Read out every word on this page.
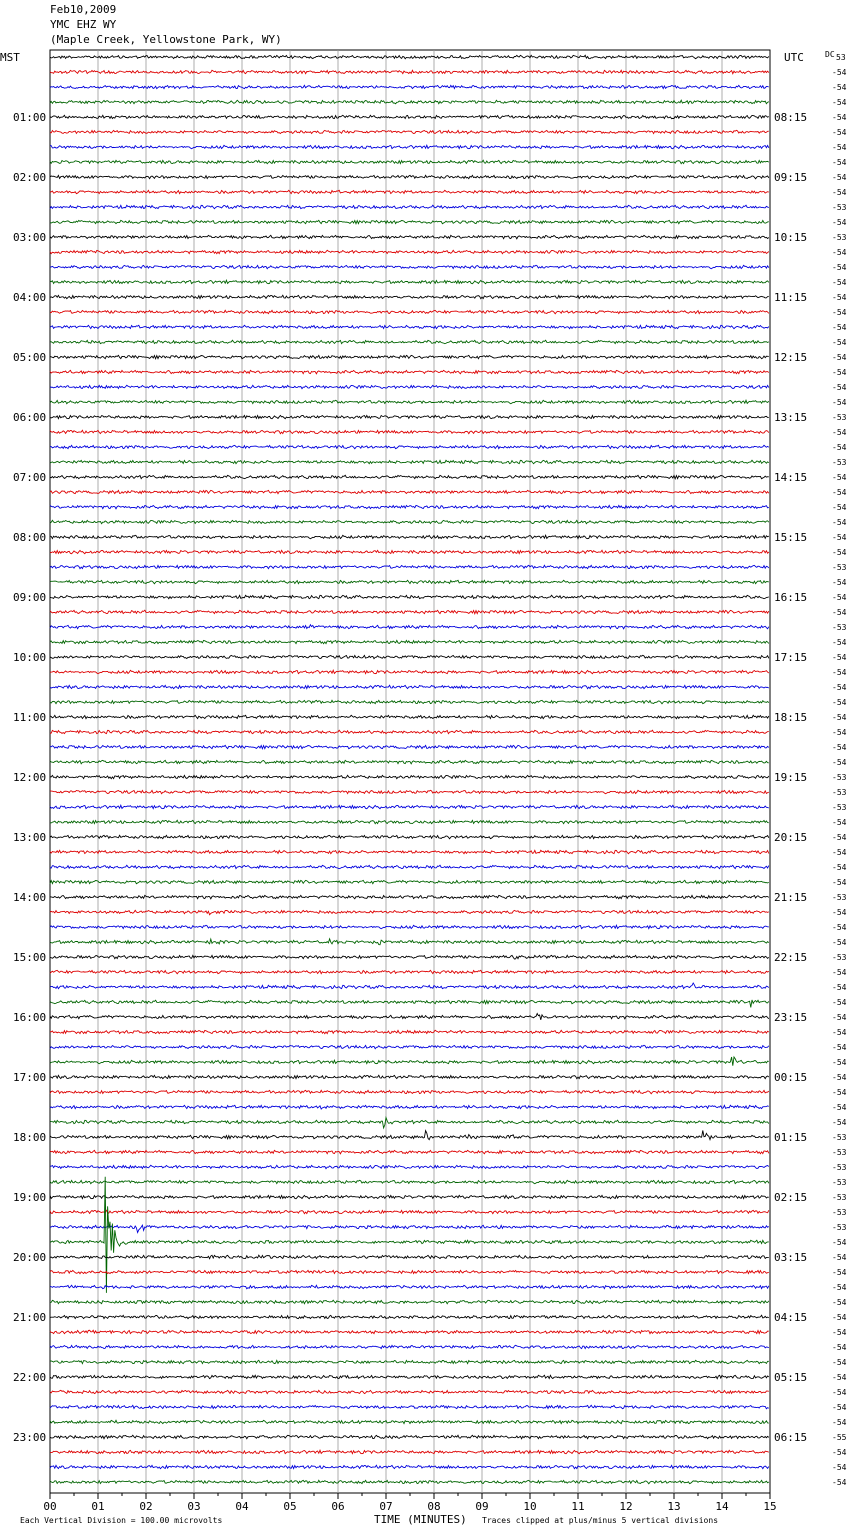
Feb10,2009
YMC EHZ WY
(Maple Creek, Yellowstone Park, WY)
00	01	02	03	04	05	06	07	08	09	10	11	12	13	14	15
53
-54
-54
-54
-54
-54
-54
-54
-54
-54
-53
-54
-53
-54
-54
-54
-54
-54
-54
-54
-54
-54
-54
-54
-53
-54
-54
-53
-54
-54
-54
-54
-54
-54
-53
-54
-54
-54
-53
-54
-54
-54
-54
-54
-54
-54
-54
-54
-53
-53
-53
-54
-54
-54
-54
-54
-53
-54
-54
-54
-53
-54
-54
-54
-54
-54
-54
-54
-54
-54
-54
-54
-53
-53
-53
-53
-53
-53
-53
-54
-54
-54
-54
-54
-54
-54
-54
-54
-54
-54
-54
-54
-55
-54
-54
-54
01:00
02:00
03:00
04:00
05:00
06:00
07:00
08:00
09:00
10:00
11:00
12:00
13:00
14:00
15:00
16:00
17:00
18:00
19:00
20:00
21:00
22:00
23:00
08:15
09:15
10:15
11:15
12:15
13:15
14:15
15:15
16:15
17:15
18:15
19:15
20:15
21:15
22:15
23:15
00:15
01:15
02:15
03:15
04:15
05:15
06:15
MST	UTC	DC
Each Vertical Division = 100.00 microvolts	TIME (MINUTES) Traces clipped at plus/minus 5 vertical divisions
